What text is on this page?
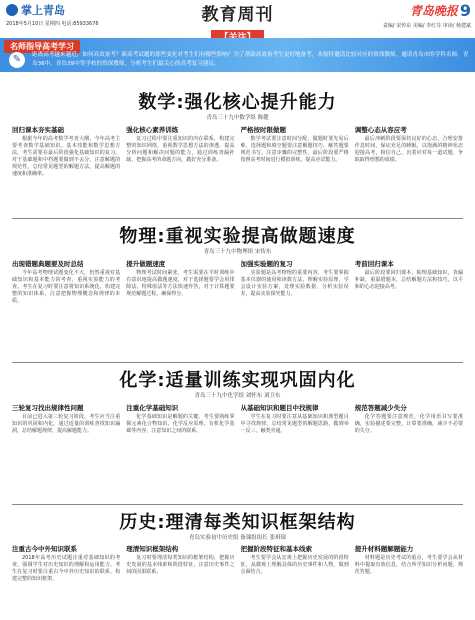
掌上青岛
2018年5月10日 星期四 电话:85933676	教育周刊	青岛晚报 9
责编/ 宋传东 美编/ 李红芬 审读/ 杨建斌
名师指导高考学习
✎	距离高考越来越近，如何高效备考？新高考试题的那些变化对考生们有哪些影响？为了帮助高效备考生更好地备考，本报特邀请比较对应的资深教师，邀请青岛市的学科名师，青岛36中、青岛39中等学校的资深教师，分析考生们最关心的高考复习建议。
数学:强化核心提升能力
青岛三十九中数学组 陈健
回归课本夯实基础

根据今年的高考数学考查大纲，今年高考主要考查数学基础知识、基本技能和数学思想方法，考生需要在最后阶段强化基础知识的复习。对于基础题和中档题要做到不丢分，注意解题的规范性，总结常见题型的解题方法，提高解题的速度和准确率。

强化核心素养训练

复习过程中要注重知识的内在联系，构建完整的知识网络，重视数学思想方法的渗透，提高分析问题和解决问题的能力，通过训练查漏补缺，把握高考的命题方向，做好充分准备。

严格按时限做题

数学考试要注意时间分配，做题时要先易后难，选择题和填空题要注意解题技巧，解答题要规范书写，注意步骤的完整性，最后阶段要严格按照高考时间进行模拟训练，提高应试能力。

调整心态从容应考

最后冲刺阶段要保持良好的心态，合理安排作息时间，保证充足的睡眠，以饱满的精神状态迎接高考，相信自己，沉着应对每一道试题，争取取得理想的成绩。

物理:重视实验提高做题速度
青岛三十九中物理组 宋传东
出现错题典题要及时总结

今年高考物理试题变化不大，仍然重视对基础知识和基本能力的考查，重视实验能力的考查。考生在复习时要注意将知识系统化，构建完整的知识体系，注意把握物理概念和规律的本质。

提升做题速度

物理考试时间紧张，考生需要在平时训练中有意识地提高做题速度，对于选择题要学会用排除法、特殊值法等方法快速作答，对于计算题要规范解题过程，确保得分。

加强实验题的复习

实验题是高考物理的重要内容，考生要掌握基本仪器的使用和读数方法，理解实验原理，学会设计实验方案，处理实验数据，分析实验误差，提高实验探究能力。

考前回归课本

最后阶段要回归课本，梳理基础知识，查漏补缺，重温错题本，总结解题方法和技巧，以平和的心态迎接高考。

化学:适量训练实现巩固内化
青岛三十九中化学组 刘怀东 刘卫东
三轮复习找出规律性问题

目前已进入第三轮复习阶段，考生应当注重知识的巩固和内化，通过适量的训练查找知识漏洞，总结解题规律，提高解题能力。

注重化学基础知识

化学基础知识是解题的关键，考生要熟练掌握元素化合物知识、化学反应原理、有机化学基础等内容，注意知识之间的联系。

从基础知识和题目中找规律

学生在复习时要注意从基础知识和典型题目中寻找规律，总结常见题型的解题思路，做到举一反三，触类旁通。

规范答题减少失分

化学答题要注意规范，化学用语书写要准确，实验描述要完整，计算要准确，减少不必要的失分。

历史:理清每类知识框架结构
青岛实验初中历史组 备课组组长 张琪琛
注重古今中外知识联系

2018年高考历史试题注重对基础知识的考查，强调学生对历史知识的理解和运用能力。考生在复习时要注重古今中外历史知识的联系，构建完整的知识框架。

理清知识框架结构

复习时要理清每类知识的框架结构，把握历史发展的基本线索和阶段特征，注意历史事件之间的因果联系。

把握阶段特征和基本线索

考生要学会从宏观上把握历史发展的阶段特征，从微观上理解具体的历史事件和人物，做到点面结合。

提升材料题解题能力

材料题是历史考试的重点，考生要学会从材料中提取有效信息，结合所学知识分析问题，规范答题。
